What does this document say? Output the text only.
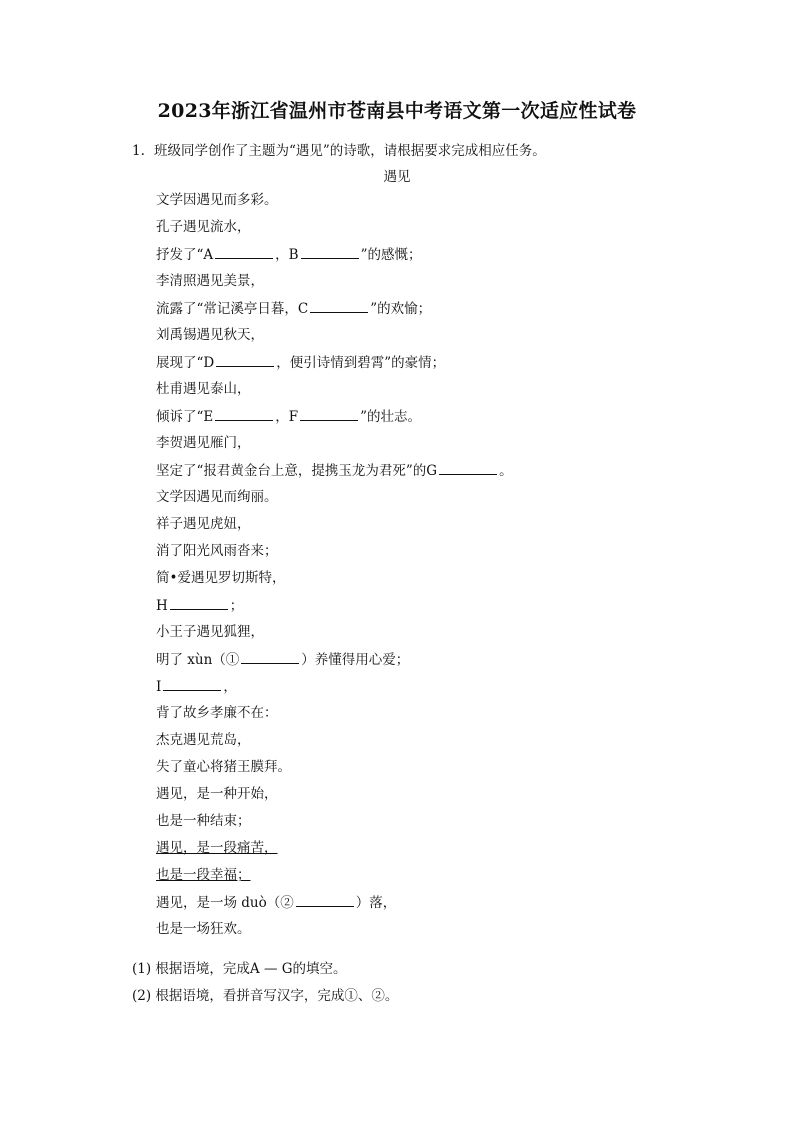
2023年浙江省温州市苍南县中考语文第一次适应性试卷
1. 班级同学创作了主题为“遇见”的诗歌，请根据要求完成相应任务。
遇见
文学因遇见而多彩。
孔子遇见流水，
抒发了“A	，B	”的感慨；
李清照遇见美景，
流露了“常记溪亭日暮，C	”的欢愉；
刘禹锡遇见秋天，
展现了“D	，便引诗情到碧霄”的豪情；
杜甫遇见泰山，
倾诉了“E	，F	”的壮志。
李贺遇见雁门，
坚定了“报君黄金台上意，提携玉龙为君死”的G	。
文学因遇见而绚丽。
祥子遇见虎妞，
消了阳光风雨沓来；
简•爱遇见罗切斯特，
H	；
小王子遇见狐狸，
明了 xùn（①	）养懂得用心爱；
I	，
背了故乡孝廉不在：
杰克遇见荒岛，
失了童心将猪王膜拜。
遇见，是一种开始，
也是一种结束；
遇见，是一段痛苦，
也是一段幸福；
遇见，是一场 duò（②	）落，
也是一场狂欢。
(1) 根据语境，完成A — G的填空。
(2) 根据语境，看拼音写汉字，完成①、②。
